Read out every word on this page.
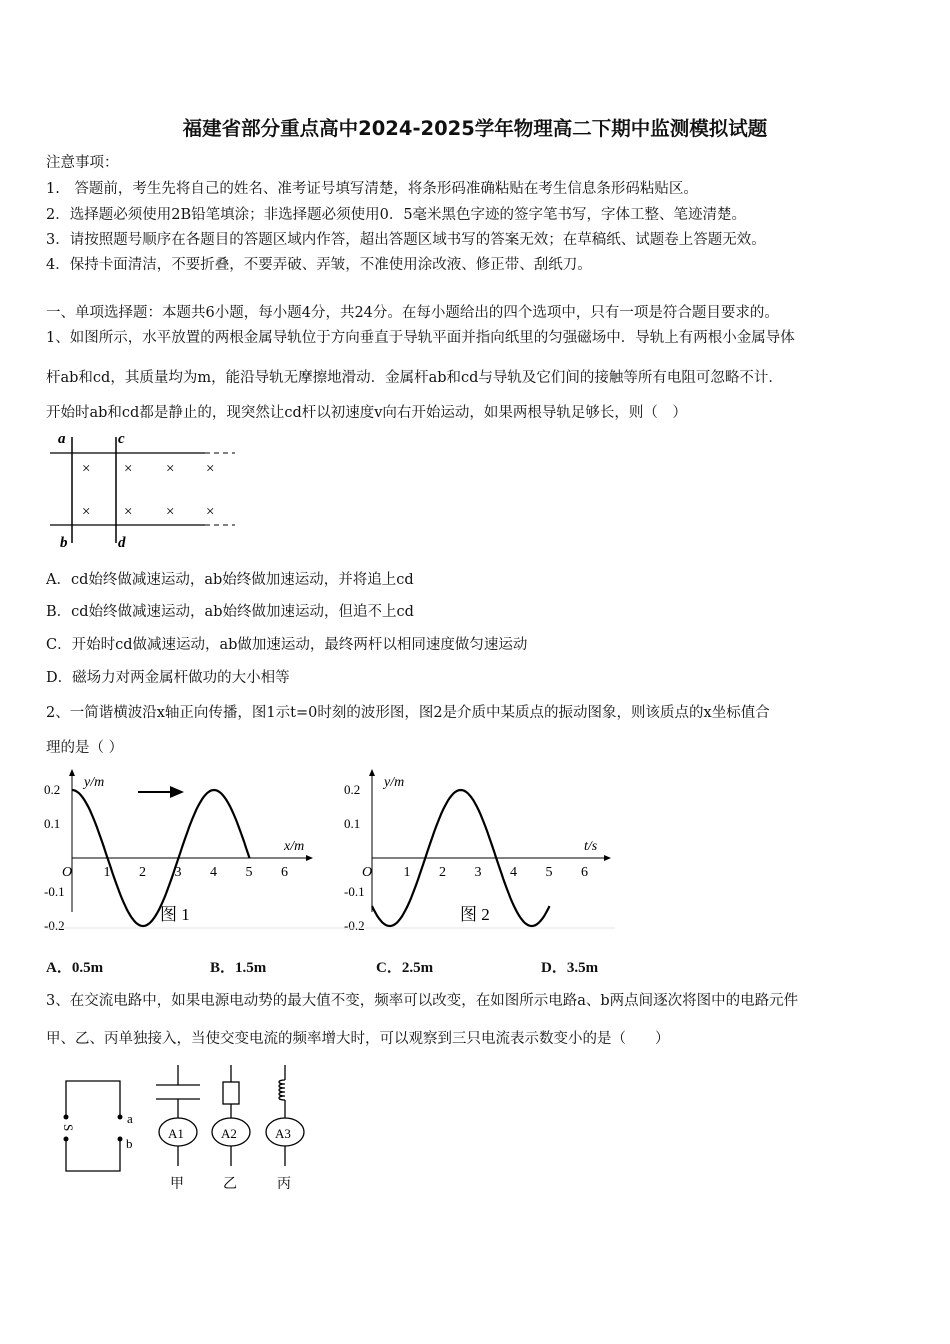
福建省部分重点高中2024-2025学年物理高二下期中监测模拟试题
注意事项：
1.　答题前，考生先将自己的姓名、准考证号填写清楚，将条形码准确粘贴在考生信息条形码粘贴区。
2．选择题必须使用2B铅笔填涂；非选择题必须使用0．5毫米黑色字迹的签字笔书写，字体工整、笔迹清楚。
3．请按照题号顺序在各题目的答题区域内作答，超出答题区域书写的答案无效；在草稿纸、试题卷上答题无效。
4．保持卡面清洁，不要折叠，不要弄破、弄皱，不准使用涂改液、修正带、刮纸刀。
一、单项选择题：本题共6小题，每小题4分，共24分。在每小题给出的四个选项中，只有一项是符合题目要求的。
1、如图所示，水平放置的两根金属导轨位于方向垂直于导轨平面并指向纸里的匀强磁场中．导轨上有两根小金属导体
杆ab和cd，其质量均为m，能沿导轨无摩擦地滑动．金属杆ab和cd与导轨及它们间的接触等所有电阻可忽略不计．
开始时ab和cd都是静止的，现突然让cd杆以初速度v向右开始运动，如果两根导轨足够长，则（　）
a	c
b	d
× × × ×
× × × ×
A．cd始终做减速运动，ab始终做加速运动，并将追上cd
B．cd始终做减速运动，ab始终做加速运动，但追不上cd
C．开始时cd做减速运动，ab做加速运动，最终两杆以相同速度做匀速运动
D．磁场力对两金属杆做功的大小相等
2、一简谐横波沿x轴正向传播，图1示t=0时刻的波形图，图2是介质中某质点的振动图象，则该质点的x坐标值合
理的是（ ）
y/m
x/m
图 1
0.2
0.1
-0.1
-0.2
1 2 3 4 5 6
O
y/m
t/s
图 2
0.2
0.1
-0.1
-0.2
1 2 3 4 5 6
O
A．0.5m	B．1.5m	C．2.5m	D．3.5m
3、在交流电路中，如果电源电动势的最大值不变，频率可以改变，在如图所示电路a、b两点间逐次将图中的电路元件
甲、乙、丙单独接入，当使交变电流的频率增大时，可以观察到三只电流表示数变小的是（　　）
S
a
b
A1	A2	A3
甲	乙	丙
